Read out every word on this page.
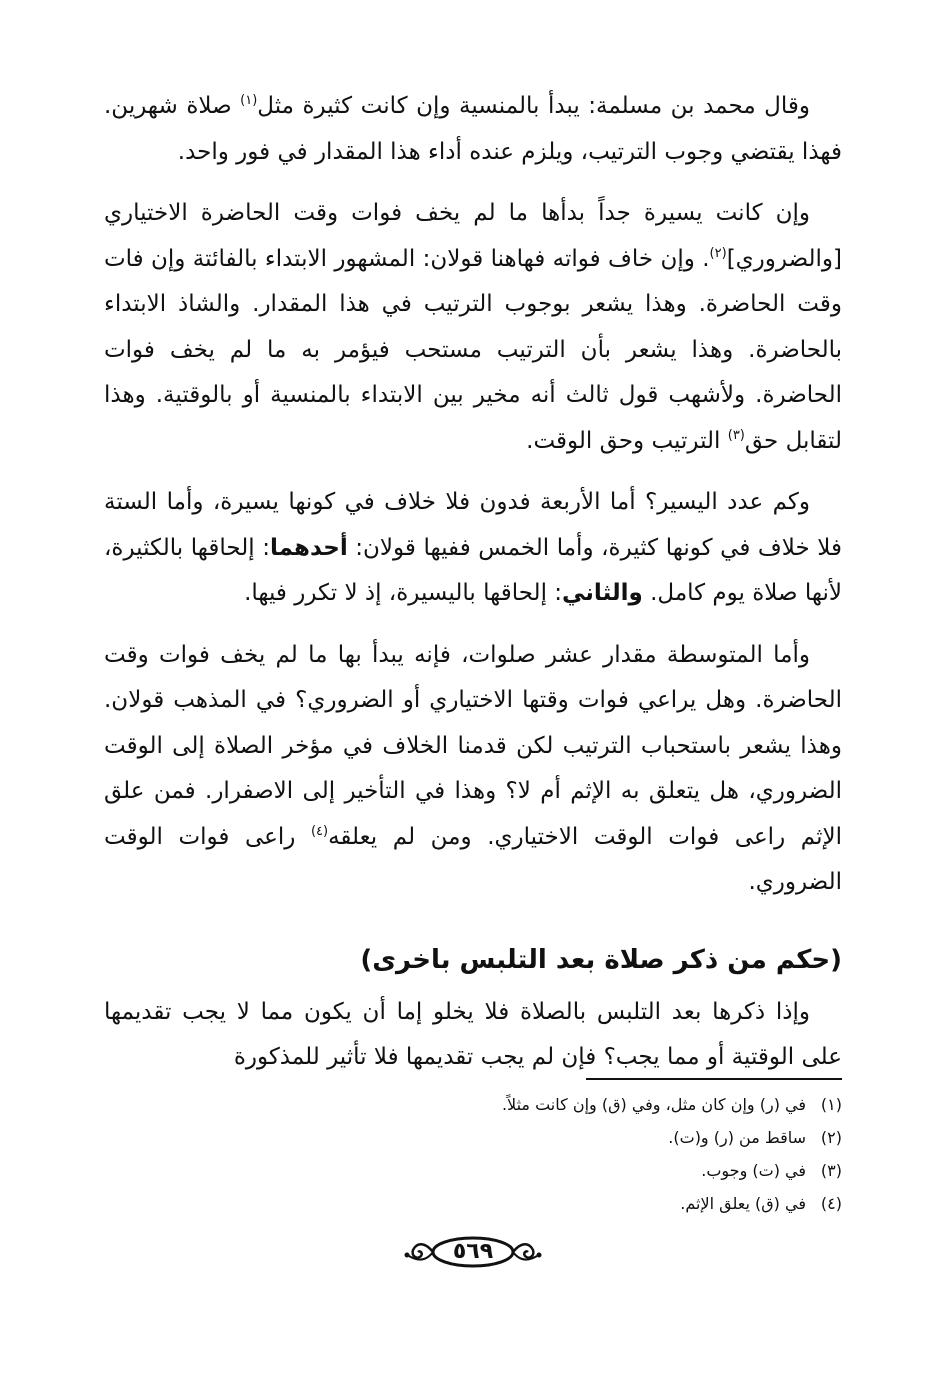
وقال محمد بن مسلمة: يبدأ بالمنسية وإن كانت كثيرة مثل$^{(١)}$ صلاة شهرين. فهذا يقتضي وجوب الترتيب، ويلزم عنده أداء هذا المقدار في فور واحد.

وإن كانت يسيرة جداً بدأها ما لم يخف فوات وقت الحاضرة الاختياري [والضروري]$^{(٢)}$. وإن خاف فواته فهاهنا قولان: المشهور الابتداء بالفائتة وإن فات وقت الحاضرة. وهذا يشعر بوجوب الترتيب في هذا المقدار. والشاذ الابتداء بالحاضرة. وهذا يشعر بأن الترتيب مستحب فيؤمر به ما لم يخف فوات الحاضرة. ولأشهب قول ثالث أنه مخير بين الابتداء بالمنسية أو بالوقتية. وهذا لتقابل حق$^{(٣)}$ الترتيب وحق الوقت.

وكم عدد اليسير؟ أما الأربعة فدون فلا خلاف في كونها يسيرة، وأما الستة فلا خلاف في كونها كثيرة، وأما الخمس ففيها قولان: أحدهما: إلحاقها بالكثيرة، لأنها صلاة يوم كامل. والثاني: إلحاقها باليسيرة، إذ لا تكرر فيها.

وأما المتوسطة مقدار عشر صلوات، فإنه يبدأ بها ما لم يخف فوات وقت الحاضرة. وهل يراعي فوات وقتها الاختياري أو الضروري؟ في المذهب قولان. وهذا يشعر باستحباب الترتيب لكن قدمنا الخلاف في مؤخر الصلاة إلى الوقت الضروري، هل يتعلق به الإثم أم لا؟ وهذا في التأخير إلى الاصفرار. فمن علق الإثم راعى فوات الوقت الاختياري. ومن لم يعلقه$^{(٤)}$ راعى فوات الوقت الضروري.

(حكم من ذكر صلاة بعد التلبس باخرى)

وإذا ذكرها بعد التلبس بالصلاة فلا يخلو إما أن يكون مما لا يجب تقديمها على الوقتية أو مما يجب؟ فإن لم يجب تقديمها فلا تأثير للمذكورة

(١)
في (ر) وإن كان مثل، وفي (ق) وإن كانت مثلاً.
(٢)
ساقط من (ر) و(ت).
(٣)
في (ت) وجوب.
(٤)
في (ق) يعلق الإثم.
٥٦٩
